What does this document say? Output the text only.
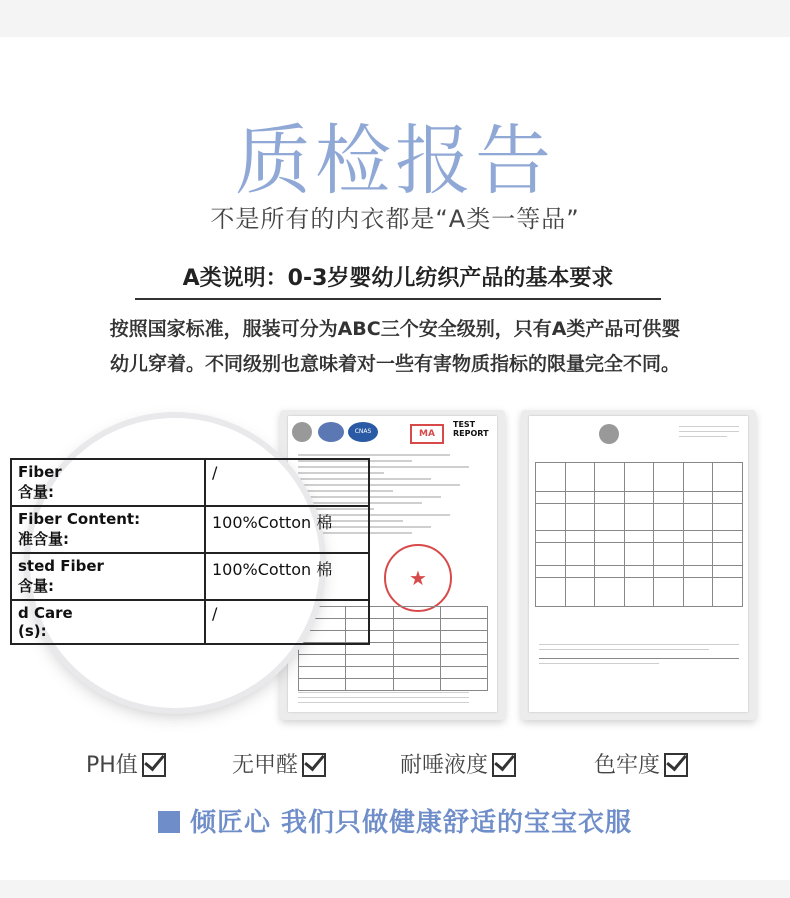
质检报告
不是所有的内衣都是“A类一等品”
A类说明：0-3岁婴幼儿纺织产品的基本要求
按照国家标准，服装可分为ABC三个安全级别，只有A类产品可供婴
幼儿穿着。不同级别也意味着对一些有害物质指标的限量完全不同。
CNAS	MA
TEST
REPORT
★

Fiber
含量:	/
Fiber Content:
准含量:	100%Cotton 棉
sted Fiber
含量:	100%Cotton 棉
d Care
(s):	/
PH值	无甲醛	耐唾液度	色牢度
倾匠心 我们只做健康舒适的宝宝衣服
